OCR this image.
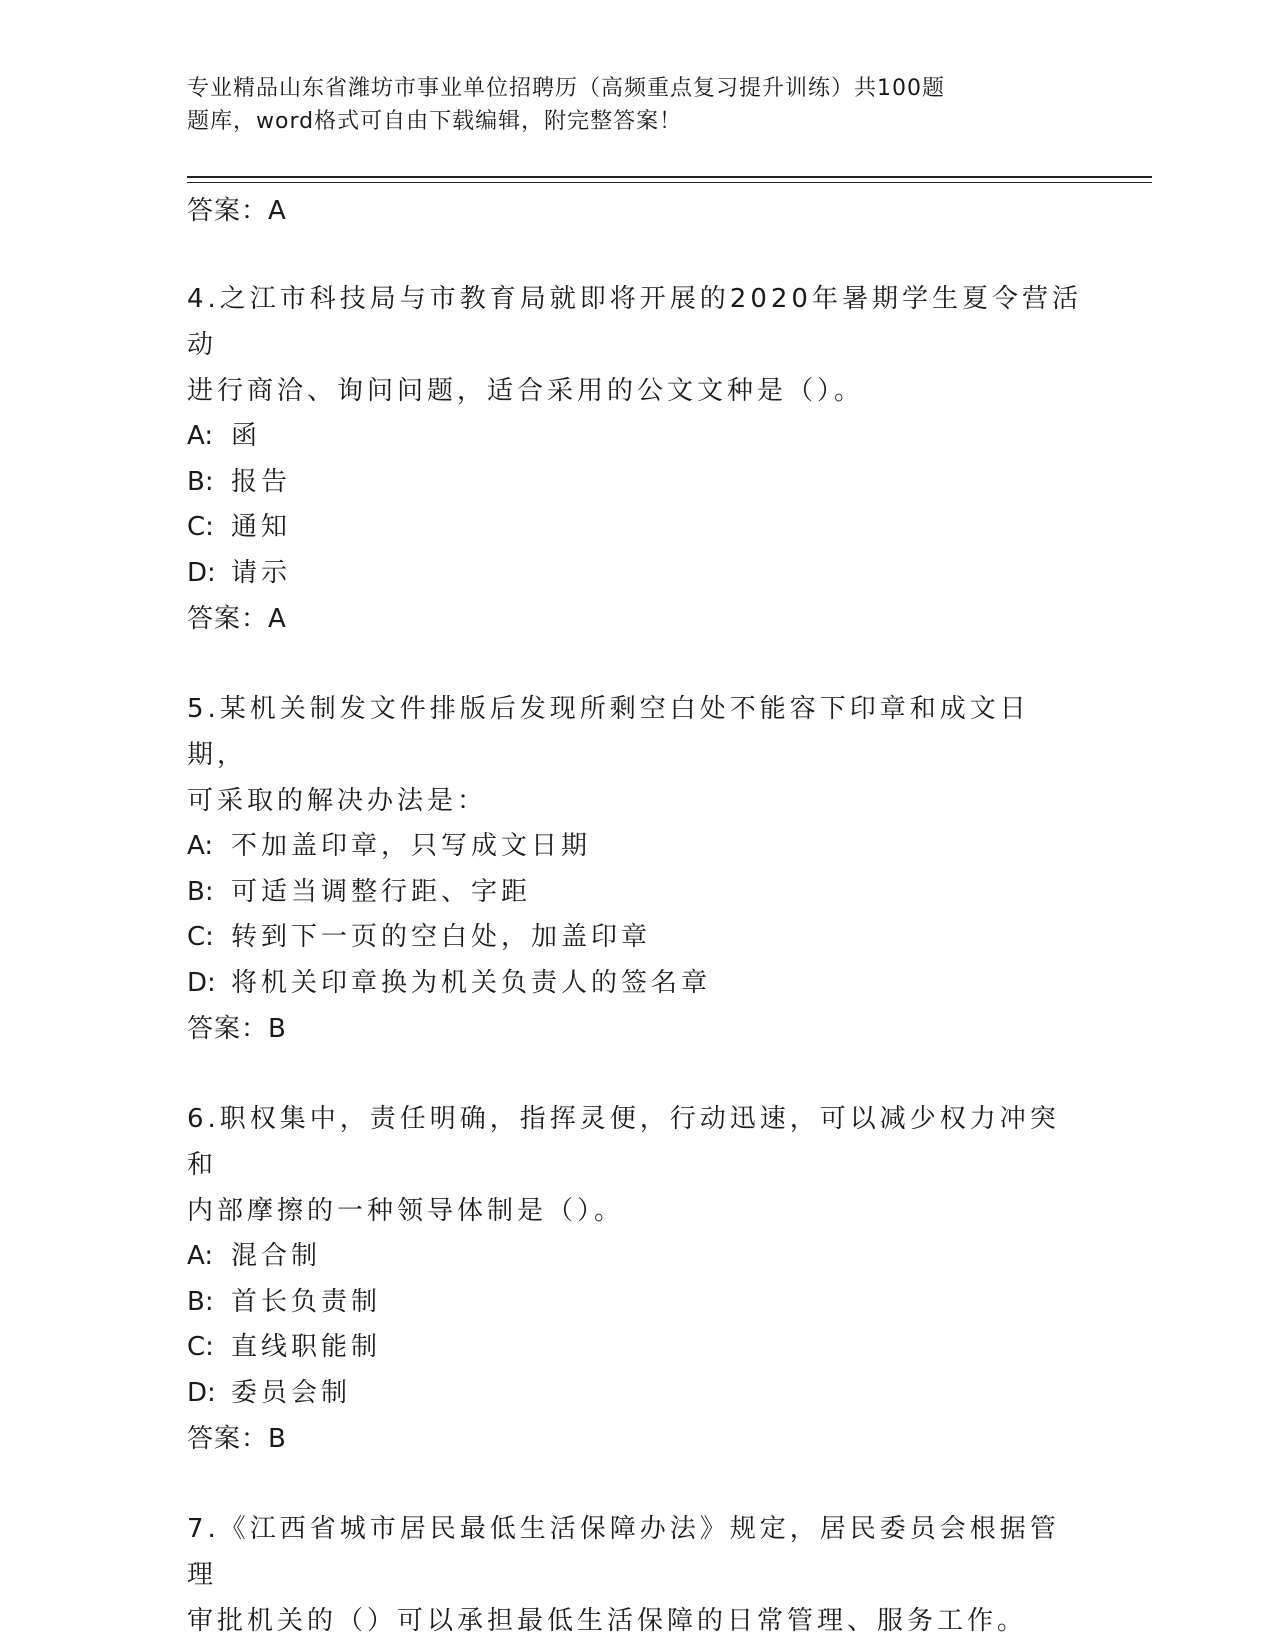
专业精品山东省潍坊市事业单位招聘历（高频重点复习提升训练）共100题
题库，word格式可自由下载编辑，附完整答案！
答案：A
4.之江市科技局与市教育局就即将开展的2020年暑期学生夏令营活动
进行商洽、询问问题，适合采用的公文文种是（）。
A: 函
B: 报告
C: 通知
D: 请示
答案：A
5.某机关制发文件排版后发现所剩空白处不能容下印章和成文日期，
可采取的解决办法是：
A: 不加盖印章，只写成文日期
B: 可适当调整行距、字距
C: 转到下一页的空白处，加盖印章
D: 将机关印章换为机关负责人的签名章
答案：B
6.职权集中，责任明确，指挥灵便，行动迅速，可以减少权力冲突和
内部摩擦的一种领导体制是（）。
A: 混合制
B: 首长负责制
C: 直线职能制
D: 委员会制
答案：B
7.《江西省城市居民最低生活保障办法》规定，居民委员会根据管理
审批机关的（）可以承担最低生活保障的日常管理、服务工作。
